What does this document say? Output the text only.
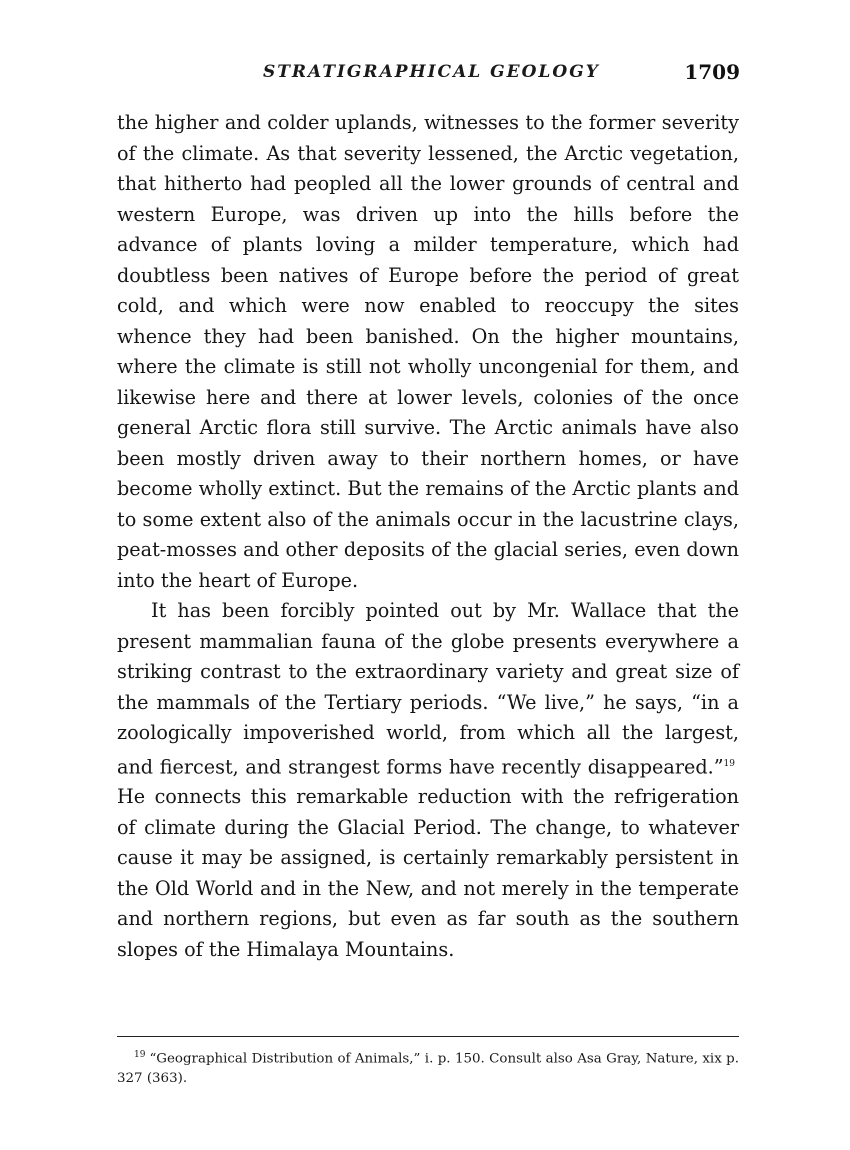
STRATIGRAPHICAL GEOLOGY	1709

the higher and colder uplands, witnesses to the former severity of the climate. As that severity lessened, the Arctic vegetation, that hitherto had peopled all the lower grounds of central and western Europe, was driven up into the hills before the advance of plants loving a milder temperature, which had doubtless been natives of Europe before the period of great cold, and which were now enabled to reoccupy the sites whence they had been banished. On the higher mountains, where the climate is still not wholly uncongenial for them, and likewise here and there at lower levels, colonies of the once general Arctic flora still survive. The Arctic animals have also been mostly driven away to their northern homes, or have become wholly extinct. But the remains of the Arctic plants and to some extent also of the animals occur in the lacustrine clays, peat-mosses and other deposits of the glacial series, even down into the heart of Europe.

It has been forcibly pointed out by Mr. Wallace that the present mammalian fauna of the globe presents everywhere a striking contrast to the extraordinary variety and great size of the mammals of the Tertiary periods. “We live,” he says, “in a zoologically impoverished world, from which all the largest, and fiercest, and strangest forms have recently disappeared.”$^{19}$ He connects this remarkable reduction with the refrigeration of climate during the Glacial Period. The change, to whatever cause it may be assigned, is certainly remarkably persistent in the Old World and in the New, and not merely in the temperate and northern regions, but even as far south as the southern slopes of the Himalaya Mountains.

$^{19}$ “Geographical Distribution of Animals,” i. p. 150. Consult also Asa Gray, Nature, xix p. 327 (363).
